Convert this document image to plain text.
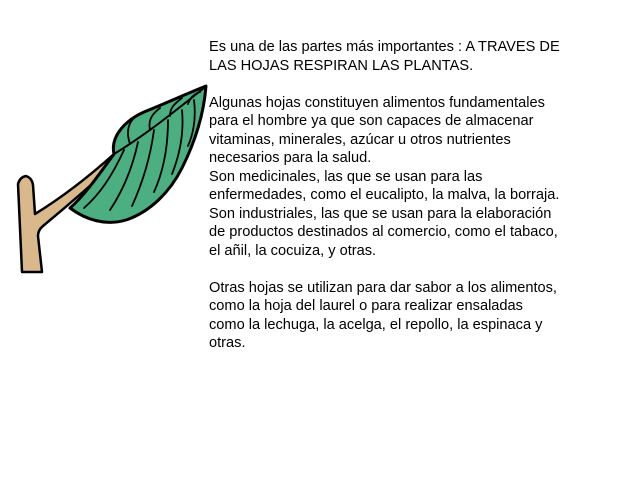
Es una de las partes más importantes : A TRAVES DE
LAS HOJAS RESPIRAN LAS PLANTAS.

Algunas hojas constituyen alimentos fundamentales
para el hombre ya que son capaces de almacenar
vitaminas, minerales, azúcar u otros nutrientes
necesarios para la salud.
Son medicinales, las que se usan para las
enfermedades, como el eucalipto, la malva, la borraja.
Son industriales, las que se usan para la elaboración
de productos destinados al comercio, como el tabaco,
el añil, la cocuiza, y otras.

Otras hojas se utilizan para dar sabor a los alimentos,
como la hoja del laurel o para realizar ensaladas
como la lechuga, la acelga, el repollo, la espinaca y
otras.
